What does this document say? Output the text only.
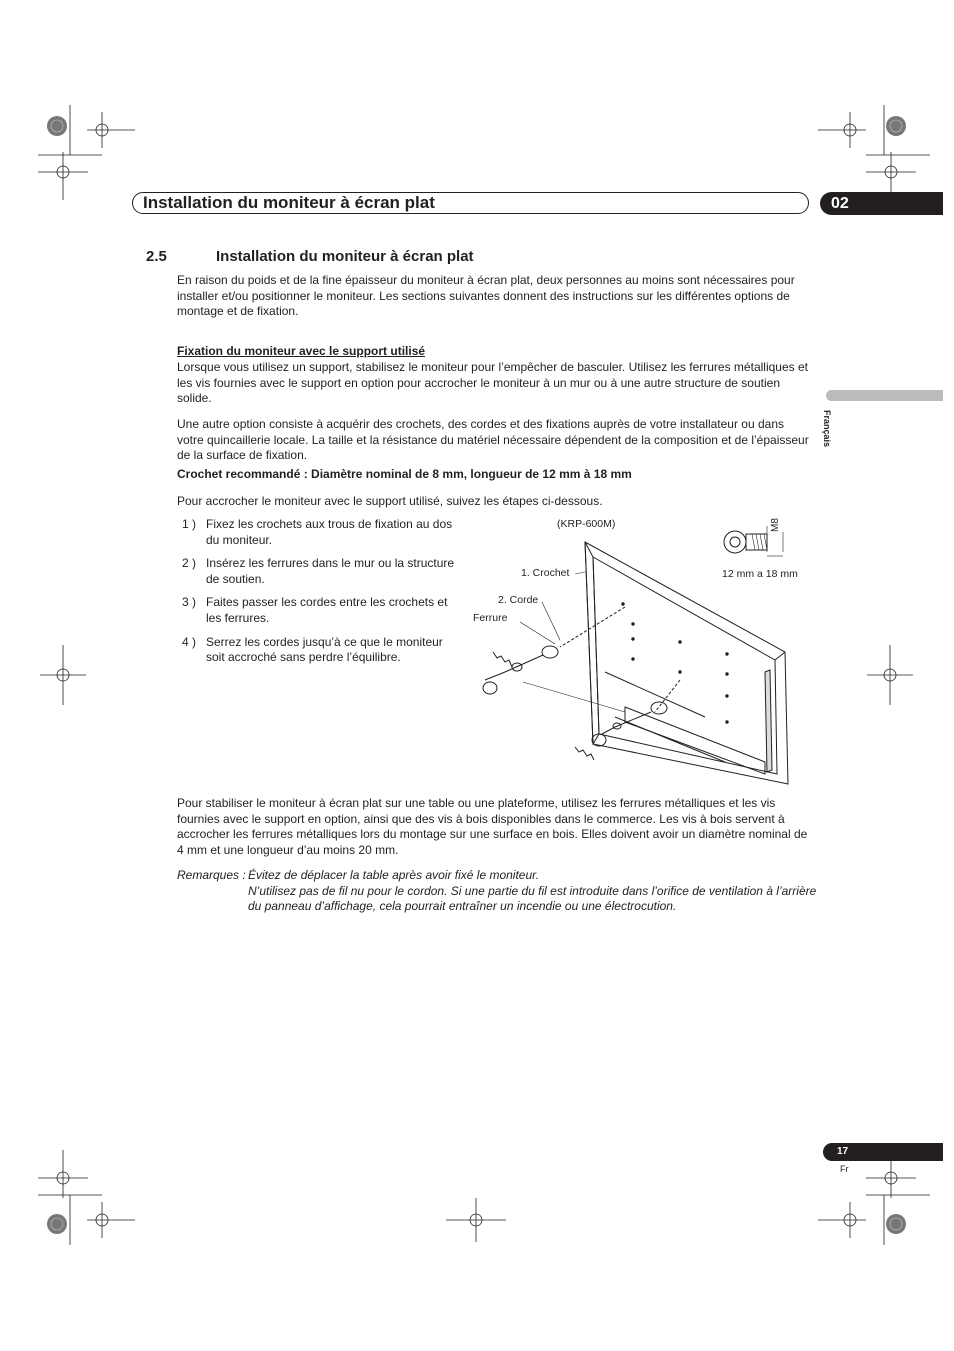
Installation du moniteur à écran plat	02
Français
2.5	Installation du moniteur à écran plat

En raison du poids et de la fine épaisseur du moniteur à écran plat, deux personnes au moins sont nécessaires pour installer et/ou positionner le moniteur. Les sections suivantes donnent des instructions sur les différentes options de montage et de fixation.

Fixation du moniteur avec le support utilisé

Lorsque vous utilisez un support, stabilisez le moniteur pour l’empêcher de basculer. Utilisez les ferrures métalliques et les vis fournies avec le support en option pour accrocher le moniteur à un mur ou à une autre structure de soutien solide.

Une autre option consiste à acquérir des crochets, des cordes et des fixations auprès de votre installateur ou dans votre quincaillerie locale. La taille et la résistance du matériel nécessaire dépendent de la composition et de l’épaisseur de la surface de fixation.

Crochet recommandé : Diamètre nominal de 8 mm, longueur de 12 mm à 18 mm

Pour accrocher le moniteur avec le support utilisé, suivez les étapes ci-dessous.

1 ) Fixez les crochets aux trous de fixation au dos du moniteur.
2 ) Insérez les ferrures dans le mur ou la structure de soutien.
3 ) Faites passer les cordes entre les crochets et les ferrures.
4 ) Serrez les cordes jusqu’à ce que le moniteur soit accroché sans perdre l’équilibre.
(KRP-600M)
1. Crochet
2. Corde
Ferrure
M8
12 mm a 18 mm

Pour stabiliser le moniteur à écran plat sur une table ou une plateforme, utilisez les ferrures métalliques et les vis fournies avec le support en option, ainsi que des vis à bois disponibles dans le commerce. Les vis à bois servent à accrocher les ferrures métalliques lors du montage sur une surface en bois. Elles doivent avoir un diamètre nominal de 4 mm et une longueur d’au moins 20 mm.

Remarques : Évitez de déplacer la table après avoir fixé le moniteur.
N’utilisez pas de fil nu pour le cordon. Si une partie du fil est introduite dans l’orifice de ventilation à l’arrière du panneau d’affichage, cela pourrait entraîner un incendie ou une électrocution.
17
Fr
